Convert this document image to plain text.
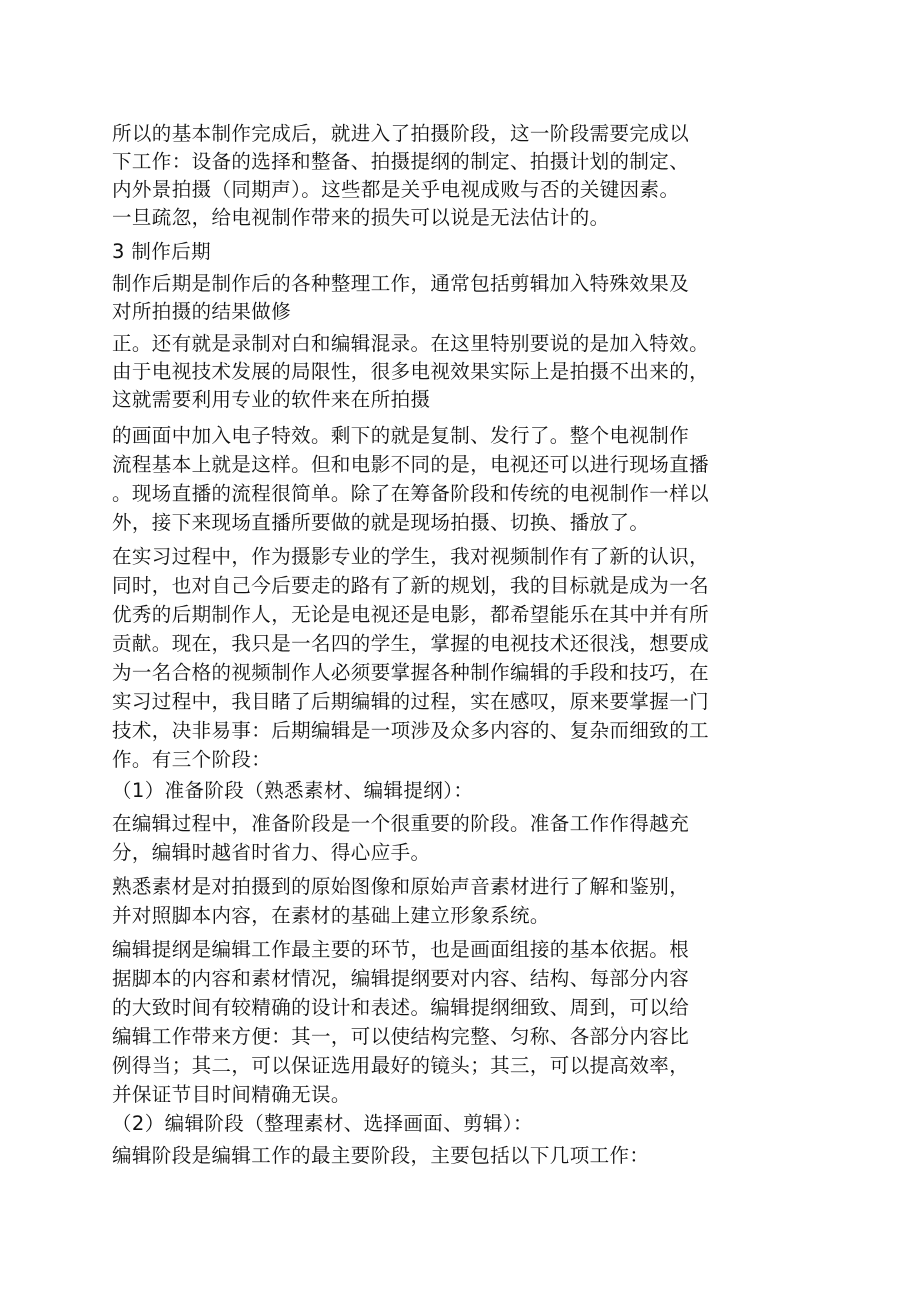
所以的基本制作完成后，就进入了拍摄阶段，这一阶段需要完成以
下工作：设备的选择和整备、拍摄提纲的制定、拍摄计划的制定、
内外景拍摄（同期声）。这些都是关乎电视成败与否的关键因素。
一旦疏忽，给电视制作带来的损失可以说是无法估计的。
3 制作后期
制作后期是制作后的各种整理工作，通常包括剪辑加入特殊效果及
对所拍摄的结果做修
正。还有就是录制对白和编辑混录。在这里特别要说的是加入特效。
由于电视技术发展的局限性，很多电视效果实际上是拍摄不出来的，
这就需要利用专业的软件来在所拍摄
的画面中加入电子特效。剩下的就是复制、发行了。整个电视制作
流程基本上就是这样。但和电影不同的是，电视还可以进行现场直播
。现场直播的流程很简单。除了在筹备阶段和传统的电视制作一样以
外，接下来现场直播所要做的就是现场拍摄、切换、播放了。
在实习过程中，作为摄影专业的学生，我对视频制作有了新的认识，
同时，也对自己今后要走的路有了新的规划，我的目标就是成为一名
优秀的后期制作人，无论是电视还是电影，都希望能乐在其中并有所
贡献。现在，我只是一名四的学生，掌握的电视技术还很浅，想要成
为一名合格的视频制作人必须要掌握各种制作编辑的手段和技巧，在
实习过程中，我目睹了后期编辑的过程，实在感叹，原来要掌握一门
技术，决非易事：后期编辑是一项涉及众多内容的、复杂而细致的工
作。有三个阶段：
（1）准备阶段（熟悉素材、编辑提纲）：
在编辑过程中，准备阶段是一个很重要的阶段。准备工作作得越充
分，编辑时越省时省力、得心应手。
熟悉素材是对拍摄到的原始图像和原始声音素材进行了解和鉴别，
并对照脚本内容，在素材的基础上建立形象系统。
编辑提纲是编辑工作最主要的环节，也是画面组接的基本依据。根
据脚本的内容和素材情况，编辑提纲要对内容、结构、每部分内容
的大致时间有较精确的设计和表述。编辑提纲细致、周到，可以给
编辑工作带来方便：其一，可以使结构完整、匀称、各部分内容比
例得当；其二，可以保证选用最好的镜头；其三，可以提高效率，
并保证节目时间精确无误。
（2）编辑阶段（整理素材、选择画面、剪辑）：
编辑阶段是编辑工作的最主要阶段，主要包括以下几项工作：
